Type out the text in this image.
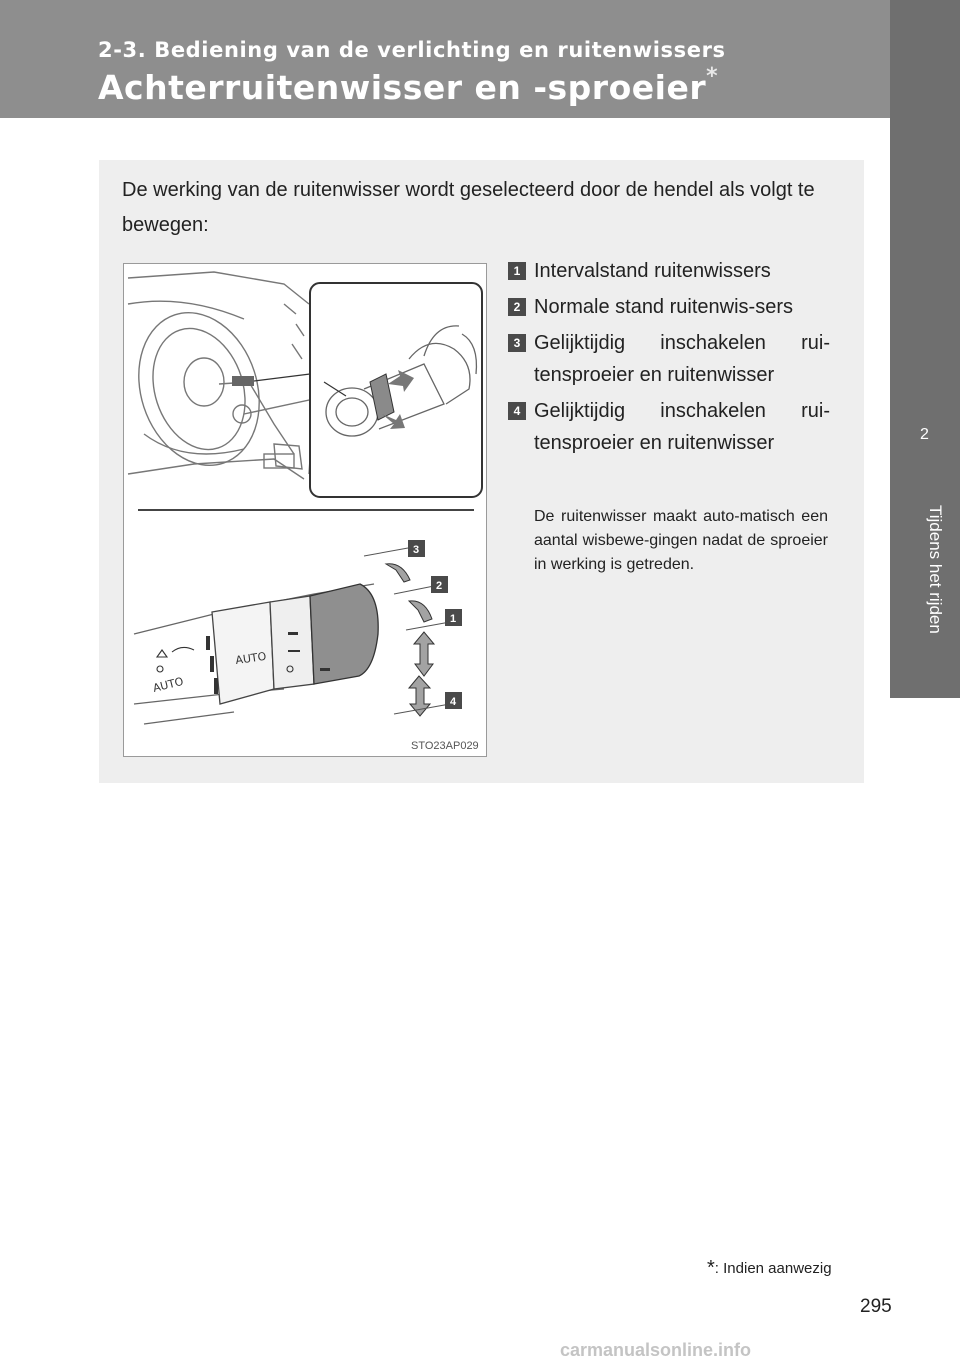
2-3. Bediening van de verlichting en ruitenwissers
Achterruitenwisser en -sproeier*
2
Tijdens het rijden
De werking van de ruitenwisser wordt geselecteerd door de hendel als volgt te bewegen:
AUTO
AUTO
3
2
1
4
STO23AP029
1 Intervalstand ruitenwissers
2 Normale stand ruitenwis-sers
3 Gelijktijdig inschakelen rui-tensproeier en ruitenwisser
4 Gelijktijdig inschakelen rui-tensproeier en ruitenwisser
De ruitenwisser maakt auto-matisch een aantal wisbewe-gingen nadat de sproeier in werking is getreden.
*: Indien aanwezig
295
carmanualsonline.info
